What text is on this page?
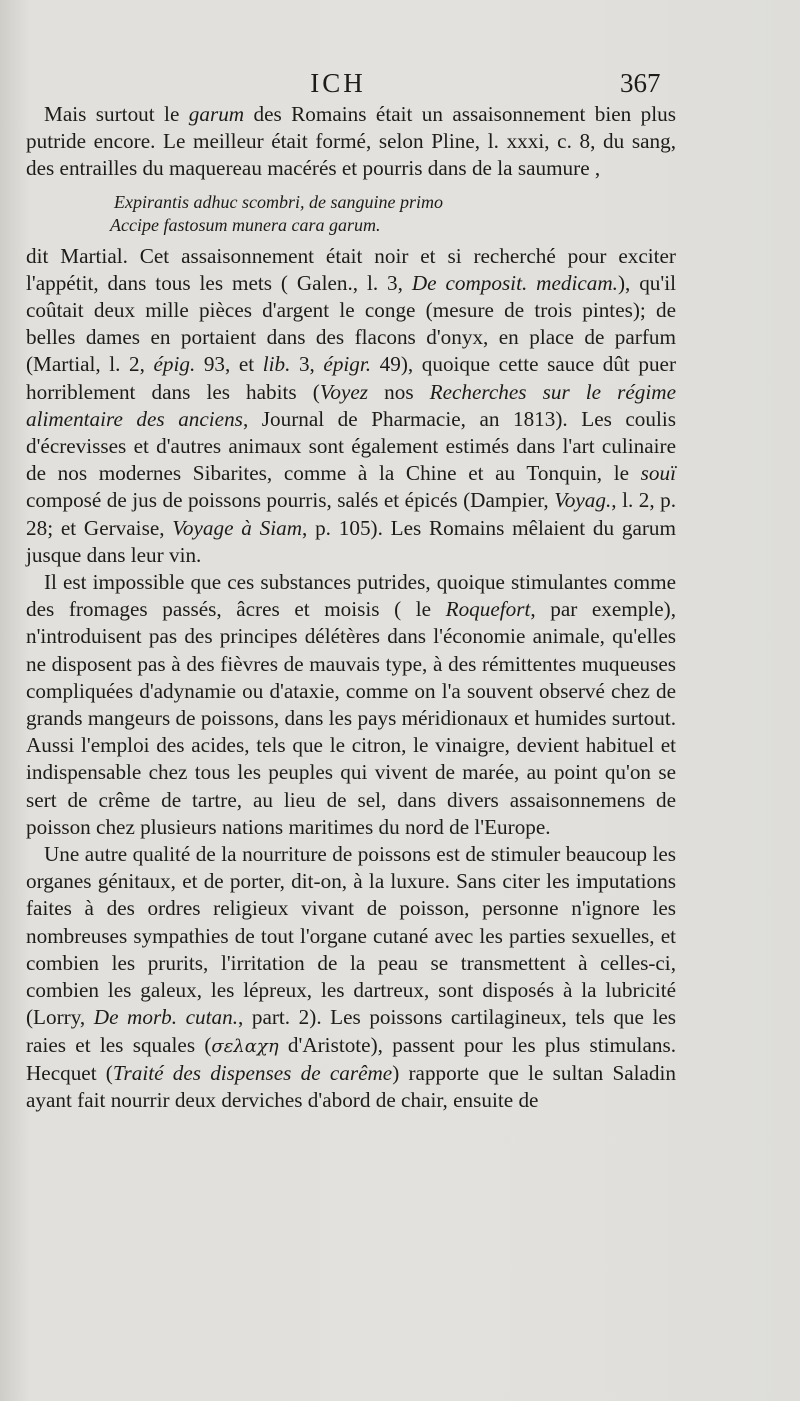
ICH	367

Mais surtout le garum des Romains était un assaisonnement bien plus putride encore. Le meilleur était formé, selon Pline, l. xxxi, c. 8, du sang, des entrailles du maquereau macérés et pourris dans de la saumure ,

Expirantis adhuc scombri, de sanguine primo
Accipe fastosum munera cara garum.

dit Martial. Cet assaisonnement était noir et si recherché pour exciter l'appétit, dans tous les mets ( Galen., l. 3, De composit. medicam.), qu'il coûtait deux mille pièces d'argent le conge (mesure de trois pintes); de belles dames en portaient dans des flacons d'onyx, en place de parfum (Martial, l. 2, épig. 93, et lib. 3, épigr. 49), quoique cette sauce dût puer horriblement dans les habits (Voyez nos Recherches sur le régime alimentaire des anciens, Journal de Pharmacie, an 1813). Les coulis d'écrevisses et d'autres animaux sont également estimés dans l'art culinaire de nos modernes Sibarites, comme à la Chine et au Tonquin, le souï composé de jus de poissons pourris, salés et épicés (Dampier, Voyag., l. 2, p. 28; et Gervaise, Voyage à Siam, p. 105). Les Romains mêlaient du garum jusque dans leur vin.

Il est impossible que ces substances putrides, quoique stimulantes comme des fromages passés, âcres et moisis ( le Roquefort, par exemple), n'introduisent pas des principes délétères dans l'économie animale, qu'elles ne disposent pas à des fièvres de mauvais type, à des rémittentes muqueuses compliquées d'adynamie ou d'ataxie, comme on l'a souvent observé chez de grands mangeurs de poissons, dans les pays méridionaux et humides surtout. Aussi l'emploi des acides, tels que le citron, le vinaigre, devient habituel et indispensable chez tous les peuples qui vivent de marée, au point qu'on se sert de crême de tartre, au lieu de sel, dans divers assaisonnemens de poisson chez plusieurs nations maritimes du nord de l'Europe.

Une autre qualité de la nourriture de poissons est de stimuler beaucoup les organes génitaux, et de porter, dit-on, à la luxure. Sans citer les imputations faites à des ordres religieux vivant de poisson, personne n'ignore les nombreuses sympathies de tout l'organe cutané avec les parties sexuelles, et combien les prurits, l'irritation de la peau se transmettent à celles-ci, combien les galeux, les lépreux, les dartreux, sont disposés à la lubricité (Lorry, De morb. cutan., part. 2). Les poissons cartilagineux, tels que les raies et les squales (σελαχη d'Aristote), passent pour les plus stimulans. Hecquet (Traité des dispenses de carême) rapporte que le sultan Saladin ayant fait nourrir deux derviches d'abord de chair, ensuite de
